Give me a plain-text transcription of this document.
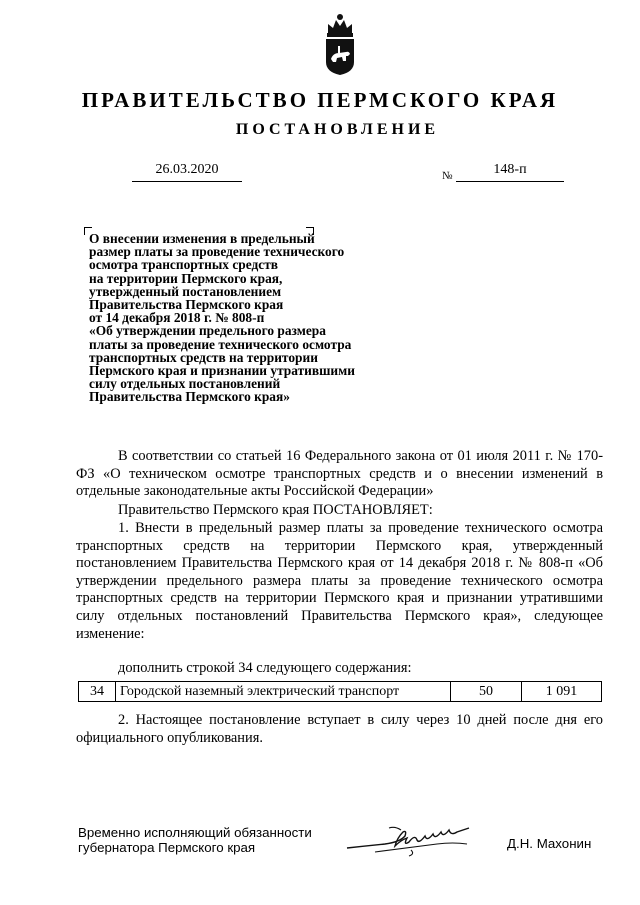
ПРАВИТЕЛЬСТВО ПЕРМСКОГО КРАЯ
ПОСТАНОВЛЕНИЕ
26.03.2020	№	148-п
О внесении изменения в предельный
размер платы за проведение технического
осмотра транспортных средств
на территории Пермского края,
утвержденный постановлением
Правительства Пермского края
от 14 декабря 2018 г. № 808-п
«Об утверждении предельного размера
платы за проведение технического осмотра
транспортных средств на территории
Пермского края и признании утратившими
силу отдельных постановлений
Правительства Пермского края»

В соответствии со статьей 16 Федерального закона от 01 июля 2011 г. № 170-ФЗ «О техническом осмотре транспортных средств и о внесении изменений в отдельные законодательные акты Российской Федерации»

Правительство Пермского края ПОСТАНОВЛЯЕТ:

1. Внести в предельный размер платы за проведение технического осмотра транспортных средств на территории Пермского края, утвержденный постановлением Правительства Пермского края от 14 декабря 2018 г. № 808-п «Об утверждении предельного размера платы за проведение технического осмотра транспортных средств на территории Пермского края и признании утратившими силу отдельных постановлений Правительства Пермского края», следующее изменение:

дополнить строкой 34 следующего содержания:

34	Городской наземный электрический транспорт	50	1 091

2. Настоящее постановление вступает в силу через 10 дней после дня его официального опубликования.

Временно исполняющий обязанности
губернатора Пермского края	Д.Н. Махонин
